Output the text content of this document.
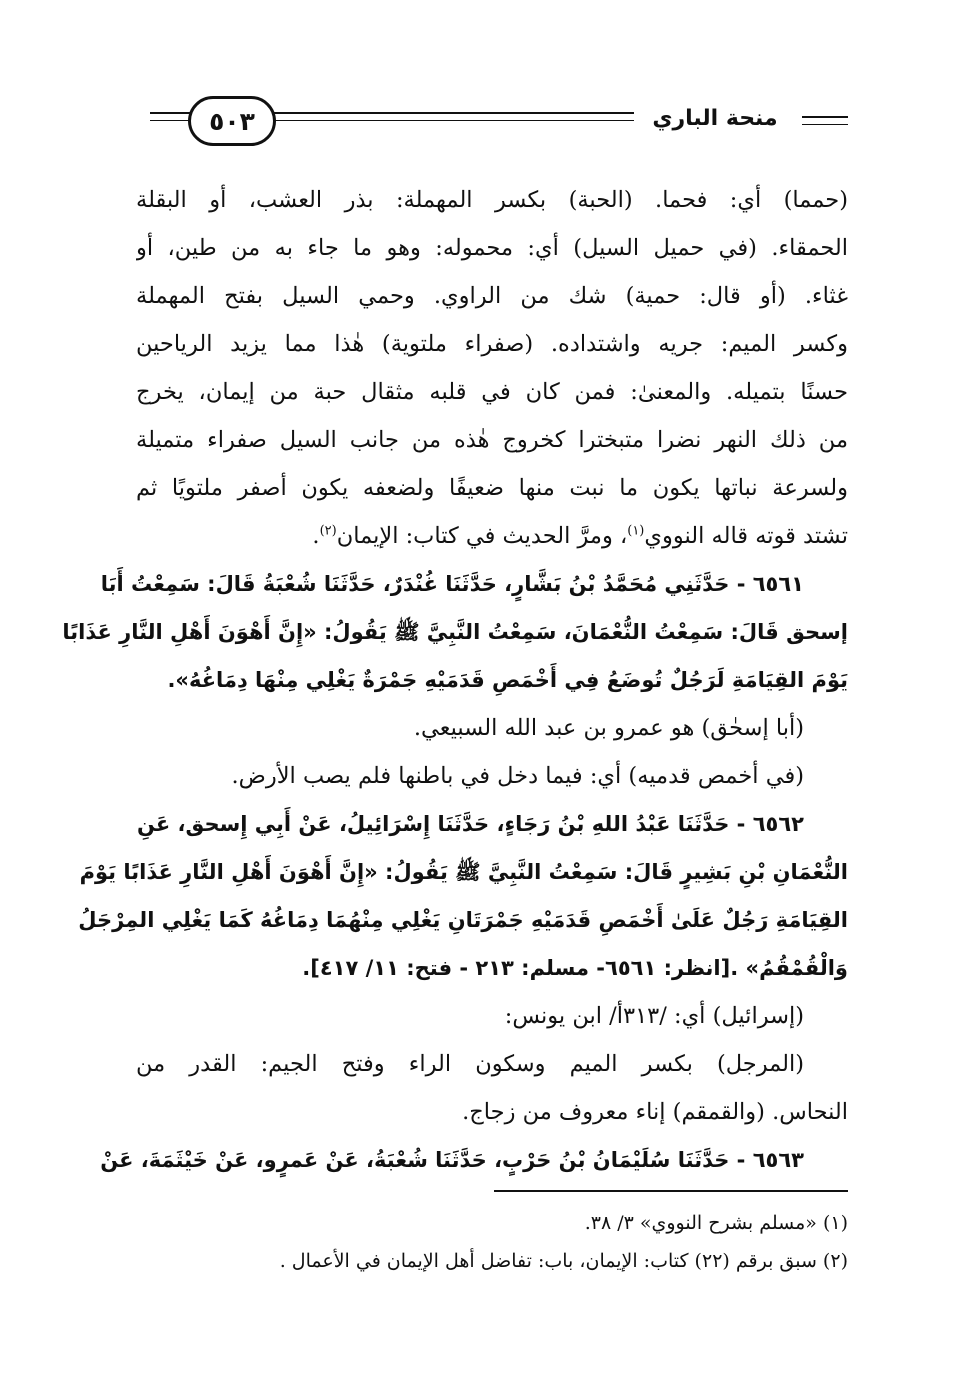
٥٠٣	منحة الباري
(حمما) أي: فحما. (الحبة) بكسر المهملة: بذر العشب، أو البقلة
الحمقاء. (في حميل السيل) أي: محموله: وهو ما جاء به من طين، أو
غثاء. (أو قال: حمية) شك من الراوي. وحمي السيل بفتح المهملة
وكسر الميم: جريه واشتداده. (صفراء ملتوية) هٰذا مما يزيد الرياحين
حسنًا بتميله. والمعنىٰ: فمن كان في قلبه مثقال حبة من إيمان، يخرج
من ذلك النهر نضرا متبخترا كخروج هٰذه من جانب السيل صفراء متميلة
ولسرعة نباتها يكون ما نبت منها ضعيفًا ولضعفه يكون أصفر ملتويًا ثم
تشتد قوته قاله النووي$^{(١)}$، ومرَّ الحديث في كتاب: الإيمان$^{(٢)}$.
٦٥٦١ - حَدَّثَنِي مُحَمَّدُ بْنُ بَشَّارٍ، حَدَّثَنَا غُنْدَرٌ، حَدَّثَنَا شُعْبَةُ قَالَ: سَمِعْتُ أَبَا
إسحق قَالَ: سَمِعْتُ النُّعْمَانَ، سَمِعْتُ النَّبِيَّ ﷺ يَقُولُ: «إِنَّ أَهْوَنَ أَهْلِ النَّارِ عَذَابًا
يَوْمَ القِيَامَةِ لَرَجُلٌ تُوضَعُ فِي أَخْمَصِ قَدَمَيْهِ جَمْرَةٌ يَغْلِي مِنْهَا دِمَاغُهُ».
(أبا إسحٰق) هو عمرو بن عبد الله السبيعي.
(في أخمص قدميه) أي: فيما دخل في باطنها فلم يصب الأرض.
٦٥٦٢ - حَدَّثَنَا عَبْدُ اللهِ بْنُ رَجَاءٍ، حَدَّثَنَا إِسْرَائِيلُ، عَنْ أَبِي إِسحق، عَنِ
النُّعْمَانِ بْنِ بَشِيرٍ قَالَ: سَمِعْتُ النَّبِيَّ ﷺ يَقُولُ: «إِنَّ أَهْوَنَ أَهْلِ النَّارِ عَذَابًا يَوْمَ
القِيَامَةِ رَجُلٌ عَلَىٰ أَخْمَصِ قَدَمَيْهِ جَمْرَتَانِ يَغْلِي مِنْهُمَا دِمَاغُهُ كَمَا يَغْلِي المِرْجَلُ
وَالْقُمْقُمُ» .[انظر: ٦٥٦١- مسلم: ٢١٣ - فتح: ١١/ ٤١٧].
(إسرائيل) أي: /٣١٣أ/ ابن يونس:
(المرجل) بكسر الميم وسكون الراء وفتح الجيم: القدر من
النحاس. (والقمقم) إناء معروف من زجاج.
٦٥٦٣ - حَدَّثَنَا سُلَيْمَانُ بْنُ حَرْبٍ، حَدَّثَنَا شُعْبَةُ، عَنْ عَمرٍو، عَنْ خَيْثَمَةَ، عَنْ
(١) «مسلم بشرح النووي» ٣/ ٣٨.
(٢) سبق برقم (٢٢) كتاب: الإيمان، باب: تفاضل أهل الإيمان في الأعمال .
